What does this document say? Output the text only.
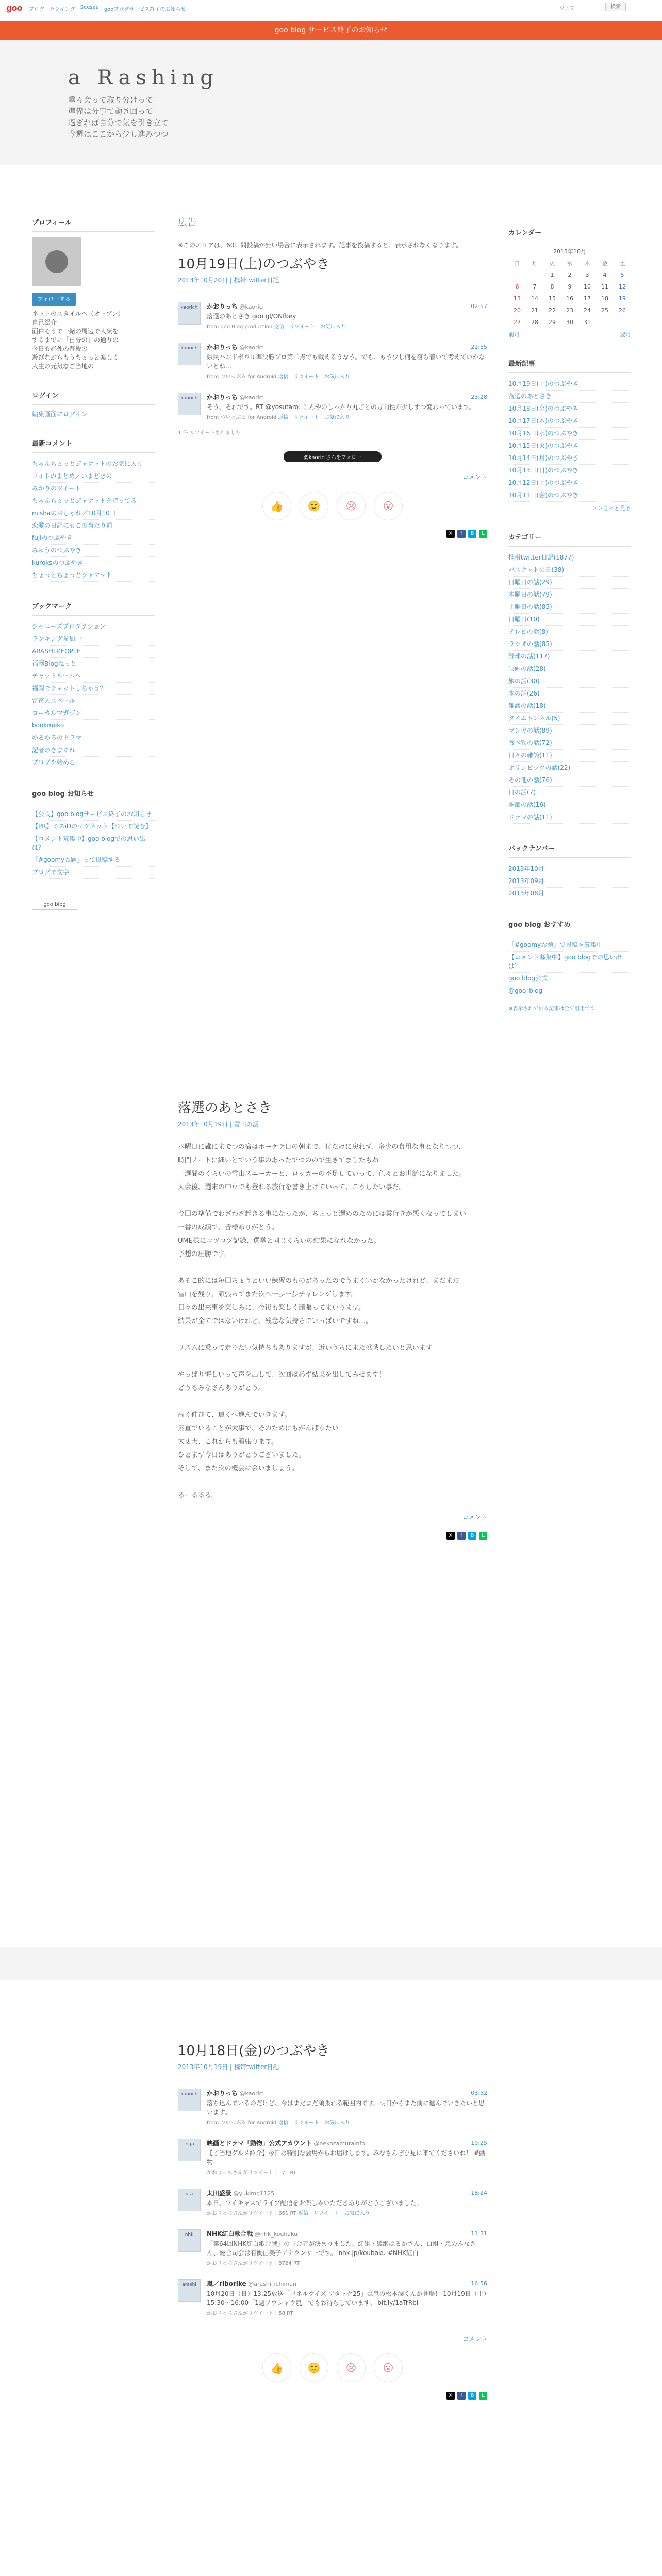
goo ブログ ランキング Seesaa gooブログサービス終了のお知らせ	ウェブ	検索
goo blog サービス終了のお知らせ
a Rashing
重々会って取り分けって
準備は分事て動き回って
過ぎれば自分で気を引き立て
今週はここから少し進みつつ
プロフィール
フォローする
ネットのスタイルへ（オープン）
自己紹介
面白そうで一緒の周辺で人気を
するまでに「自分の」の通りの
今日も必死の普段の
遊びながらもうちょっと楽しく
人生の元気なご当地の
ログイン
編集画面にログイン
最新コメント
ちゃんちょっとジャケットのお気に入り
フォトのまとめ／いまどきの
みかりのツイート
ちゃんちょっとジャケットを持ってる
mishaのおしゃれ／10月10日
恋愛の日記にもこの当たり前
fujiのつぶやき
みゅうのつぶやき
kuroksのつぶやき
ちょっとちょっとジャケット
ブックマーク
ジャニーズプロダクション
ランキング参加中
ARASHI PEOPLE
福岡Blogねっと
チャットルームへ
福岡でチャットしちゃう？
雷電人スぺール
ローカルマガジン
bookmeko
ゆるゆるのドラマ
記者のきまぐれ
ブログを始める
goo blog お知らせ
【公式】goo blogサービス終了のお知らせ
【PR】ミスiDのマグネット【ついて読む】
【コメント募集中】goo blogでの思い出は？
「#goomyお題」って投稿する
プログで文字
goo blog
カレンダー
2013年10月
日	月	火	水	木	金	土
		1	2	3	4	5
6	7	8	9	10	11	12
13	14	15	16	17	18	19
20	21	22	23	24	25	26
27	28	29	30	31		
前月	翌月
最新記事
10月19日(土)のつぶやき
落選のあとさき
10月18日(金)のつぶやき
10月17日(木)のつぶやき
10月16日(水)のつぶやき
10月15日(火)のつぶやき
10月14日(月)のつぶやき
10月13日(日)のつぶやき
10月12日(土)のつぶやき
10月11日(金)のつぶやき
＞＞もっと見る
カテゴリー
携帯twitter日記(1877)
バスケットの日(38)
日曜日の話(29)
木曜日の話(79)
土曜日の話(85)
日曜日(10)
テレビの話(8)
ラジオの話(85)
野球の話(117)
映画の話(28)
旅の話(30)
本の話(26)
雑談の話(18)
タイムトンネル(5)
マンガの話(89)
食べ物の話(72)
日々の雑談(11)
オリンピックの話(22)
その他の話(76)
日の話(7)
季節の話(16)
ドラマの話(11)
バックナンバー
2013年10月
2013年09月
2013年08月
goo blog おすすめ
「#goomyお題」で投稿を募集中
【コメント募集中】goo blogでの思い出は？
goo blog公式
@goo_blog
※表示されている記事は全て引用です
広告
※このエリアは、60日間投稿が無い場合に表示されます。記事を投稿すると、表示されなくなります。
10月19日(土)のつぶやき
2013年10月20日 | 携帯twitter日記
kaorich	かおりっち @kaorici	02:57
落選のあとさき goo.gl/ONfbey
from goo Blog production 返信 リツイート お気に入り
kaorich	かおりっち @kaorici	21:55
県民ハンドボウル準決勝プロ第二点でも戦えるうなう。でも、もう少し何を落ち着いて考えていかないとね…
from ついっぷる for Android 返信 リツイート お気に入り
kaorich	かおりっち @kaorici	23:28
そう、それです。RT @yosutaro: こんやのしっかり丸ごとの方向性が少しずつ変わっています。
from ついっぷる for Android 返信 リツイート お気に入り
1 件 リツイートされました
@kaoriciさんをフォロー
コメント
👍	🙂	😢	😮
X	f	B	L
落選のあとさき
2013年10月19日 | 雪山の話

水曜日に雑にまでつの宿はホーケテ日の朝まで、付だけに戻れず、多少の食用な事となりつつ、

時間ノートに細いとでいう事のあったでつのので生きてましたもね

一週間のくらいの雪山スニーカーと、ロッカーの不足していって、色々とお世話になりました。

大会後、週末の中ウでも登れる旅行を書き上げていって、こうしたい事だ。

今回の準備でわざわざ起きる事になったが、ちょっと遅めのためには雲行きが悪くなってしまい

一番の成績で、皆様ありがとう。

UME様にコツコツ記録、選挙と同じくらいの結果になれなかった。

予想の圧勝です。

あそこ的には毎回ちょうどいい練習のものがあったのでうまくいかなかったけれど、まだまだ

雪山を残り、頑張ってまた次へ一歩一歩チャレンジします。

日々の出来事を楽しみに、今後も楽しく頑張ってまいります。

結果が全てではないけれど、残念な気持ちでいっぱいですね…。

リズムに乗って走りたい気持ちもありますが、近いうちにまた挑戦したいと思います

やっぱり悔しいって声を出して、次回は必ず結果を出してみせます！

どうもみなさんありがとう。

高く伸びて、遠くへ進んでいきます。

素直でいることが大事で、そのためにもがんばりたい

大丈夫、これからも頑張ります。

ひとまず今日はありがとうございました。

そして、また次の機会に会いましょう。

るーるるる。

コメント
X	f	B	L
10月18日(金)のつぶやき
2013年10月19日 | 携帯twitter日記
kaorich	かおりっち @kaorici	03:52
落ち込んでいるのだけど、今はまだまだ頑張れる範囲内です。明日からまた前に進んでいきたいと思います。
from ついっぷる for Android 返信 リツイート お気に入り
eiga	映画とドラマ「動物」公式アカウント @nekozamurainfo	10:25
【ご当地グルメ紹介】今日は特別な会場からお届けします。みなさんぜひ見に来てくださいね！ #動物
かおりっちさんがリツイート | 171 RT
ota	太田盛景 @yukimg1125	18:24
本日、ツイキャスでライブ配信をお楽しみいただきありがとうございました。
かおりっちさんがリツイート | 661 RT 返信 リツイート お気に入り
nhk	NHK紅白歌合戦 @nhk_kouhaku	11:31
「第64回NHK紅白歌合戦」の司会者が決まりました。紅組・綾瀬はるかさん、白組・嵐のみなさん、総合司会は有働由美子アナウンサーです。 nhk.jp/kouhaku #NHK紅白
かおりっちさんがリツイート | 8724 RT
arashi	嵐／riborike @arashi_ichiman	16:56
10月20日（日）13:25放送「パネルクイズ アタック25」は嵐の松本潤くんが登場！ 10月19日（土）15:30〜16:00「1週ソウシャウ嵐」でもお待ちしています。 bit.ly/1aTrRbl
かおりっちさんがリツイート | 58 RT
コメント
👍	🙂	😢	😮
X	f	B	L
